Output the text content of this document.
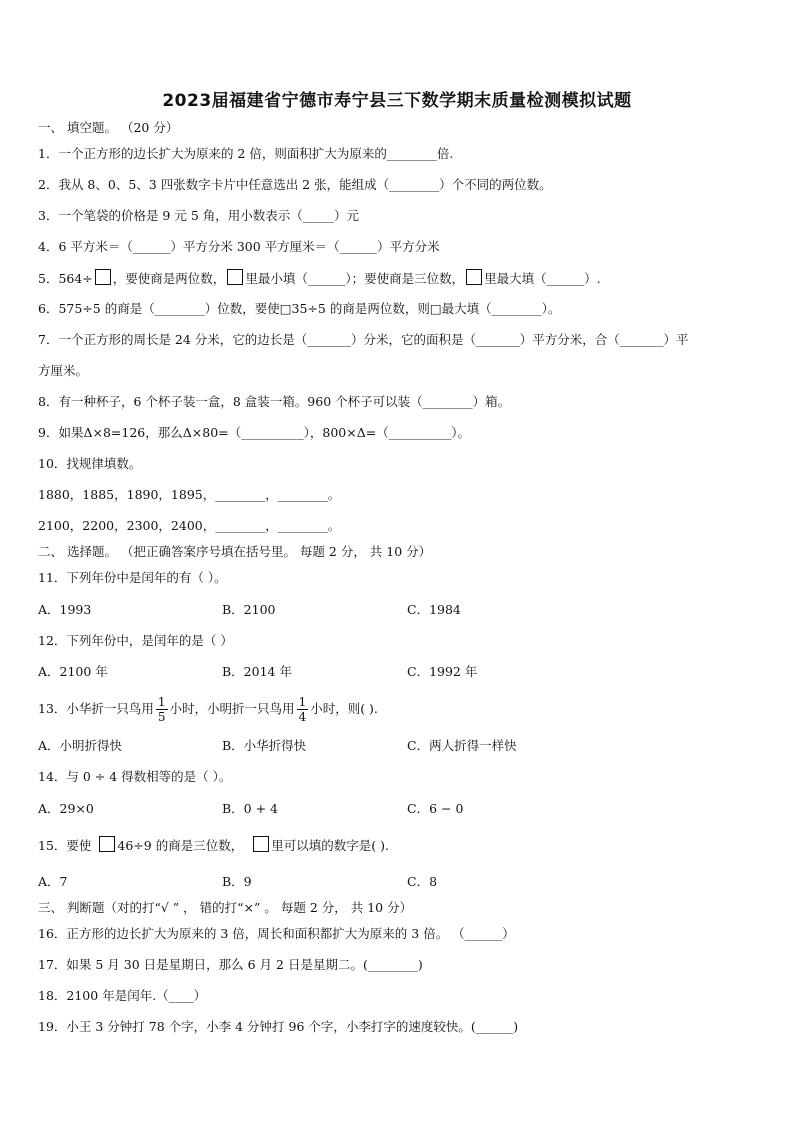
2023届福建省宁德市寿宁县三下数学期末质量检测模拟试题
一、 填空题。 （20 分）
1．一个正方形的边长扩大为原来的 2 倍，则面积扩大为原来的________倍.
2．我从 8、0、5、3 四张数字卡片中任意选出 2 张，能组成（________）个不同的两位数。
3．一个笔袋的价格是 9 元 5 角，用小数表示（_____）元
4．6 平方米＝（______）平方分米 300 平方厘米＝（______）平方分米
5．564÷ ，要使商是两位数， 里最小填（______）；要使商是三位数， 里最大填（______）.
6．575÷5 的商是（________）位数，要使□35÷5 的商是两位数，则□最大填（________）。
7．一个正方形的周长是 24 分米，它的边长是（_______）分米，它的面积是（_______）平方分米，合（_______）平
方厘米。
8．有一种杯子，6 个杯子装一盒，8 盒装一箱。960 个杯子可以装（________）箱。
9．如果Δ×8=126，那么Δ×80=（__________），800×Δ=（__________）。
10．找规律填数。
1880，1885，1890，1895，________，________。
2100，2200，2300，2400，________，________。
二、 选择题。 （把正确答案序号填在括号里。 每题 2 分， 共 10 分）
11．下列年份中是闰年的有（ ）。
A．1993	B．2100	C．1984
12．下列年份中，是闰年的是（ ）
A．2100 年	B．2014 年	C．1992 年
13．小华折一只鸟用 $\frac{1}{5}$ 小时，小明折一只鸟用 $\frac{1}{4}$ 小时，则( ).
A．小明折得快	B．小华折得快	C．两人折得一样快
14．与 0 ÷ 4 得数相等的是（ ）。
A．29×0	B．0 + 4	C．6 − 0
15．要使 46÷9 的商是三位数， 里可以填的数字是( ).
A．7	B．9	C．8
三、 判断题（对的打“√ ” ， 错的打“×” 。 每题 2 分， 共 10 分）
16．正方形的边长扩大为原来的 3 倍，周长和面积都扩大为原来的 3 倍。 （______）
17．如果 5 月 30 日是星期日，那么 6 月 2 日是星期二。(________)
18．2100 年是闰年.（____）
19．小王 3 分钟打 78 个字，小李 4 分钟打 96 个字，小李打字的速度较快。(______)
